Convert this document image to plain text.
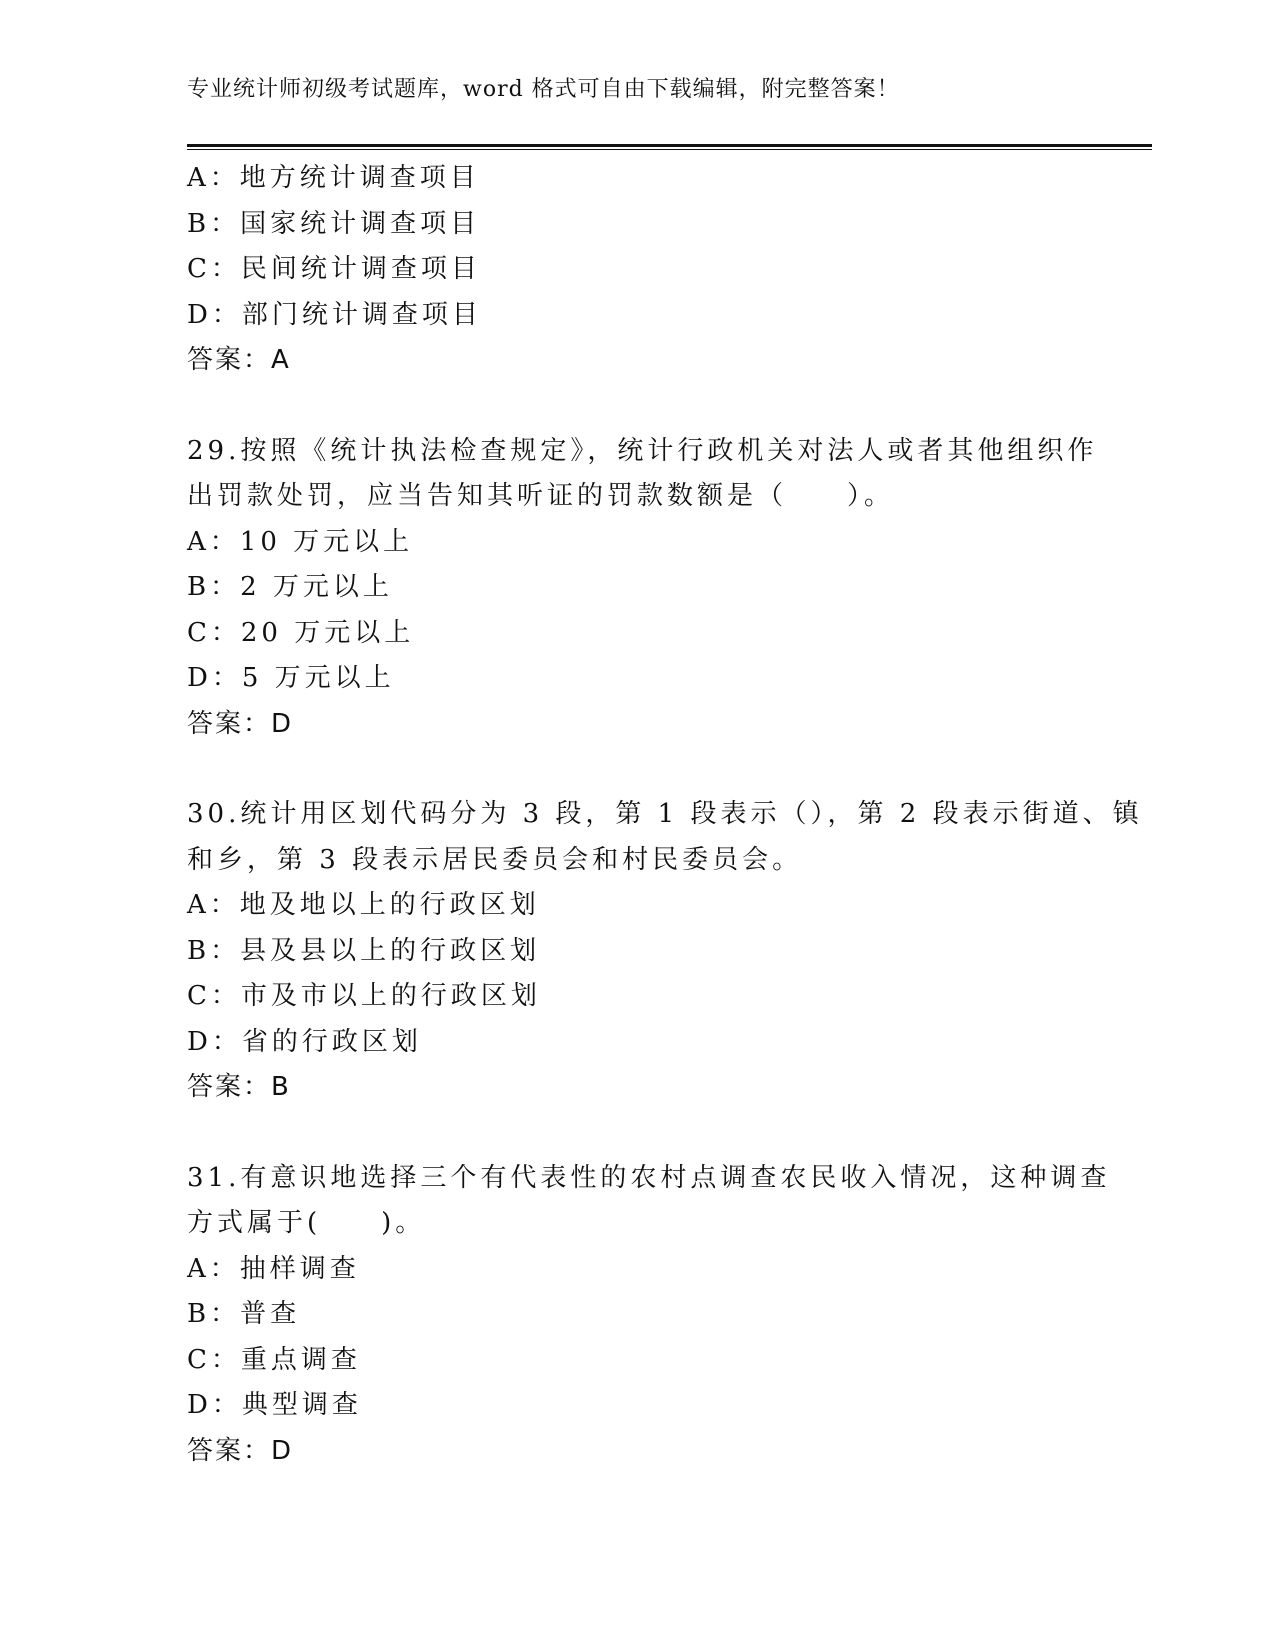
专业统计师初级考试题库，word 格式可自由下载编辑，附完整答案！
A：地方统计调查项目
B：国家统计调查项目
C：民间统计调查项目
D：部门统计调查项目
答案：A
29.按照《统计执法检查规定》，统计行政机关对法人或者其他组织作
出罚款处罚，应当告知其听证的罚款数额是（　　）。
A：10 万元以上
B：2 万元以上
C：20 万元以上
D：5 万元以上
答案：D
30.统计用区划代码分为 3 段，第 1 段表示（），第 2 段表示街道、镇
和乡，第 3 段表示居民委员会和村民委员会。
A：地及地以上的行政区划
B：县及县以上的行政区划
C：市及市以上的行政区划
D：省的行政区划
答案：B
31.有意识地选择三个有代表性的农村点调查农民收入情况，这种调查
方式属于(　　)。
A：抽样调查
B：普查
C：重点调查
D：典型调查
答案：D
